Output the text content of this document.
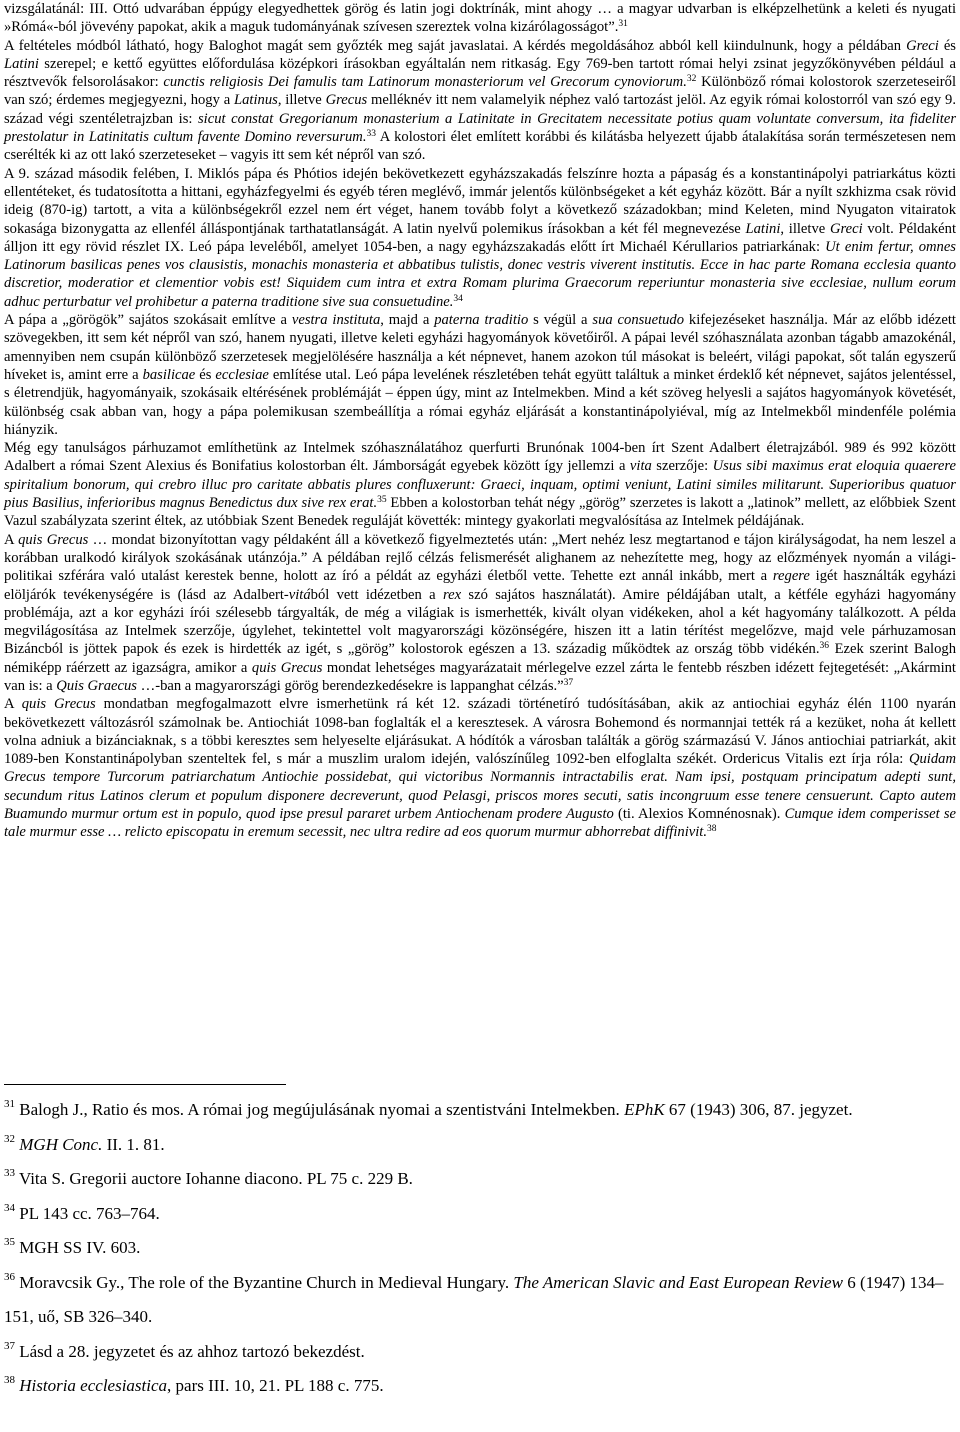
vizsgálatánál: III. Ottó udvarában éppúgy elegyedhettek görög és latin jogi doktrínák, mint ahogy … a magyar udvarban is elképzelhetünk a keleti és nyugati »Rómá«-ból jövevény papokat, akik a maguk tudományának szívesen szereztek volna kizárólagosságot”.$^{31}$

A feltételes módból látható, hogy Baloghot magát sem győzték meg saját javaslatai. A kérdés megoldásához abból kell kiindulnunk, hogy a példában Greci és Latini szerepel; e kettő együttes előfordulása középkori írásokban egyáltalán nem ritkaság. Egy 769-ben tartott római helyi zsinat jegyzőkönyvében például a résztvevők felsorolásakor: cunctis religiosis Dei famulis tam Latinorum monasteriorum vel Grecorum cynoviorum.$^{32}$ Különböző római kolostorok szerzeteseiről van szó; érdemes megjegyezni, hogy a Latinus, illetve Grecus melléknév itt nem valamelyik néphez való tartozást jelöl. Az egyik római kolostorról van szó egy 9. század végi szentéletrajzban is: sicut constat Gregorianum monasterium a Latinitate in Grecitatem necessitate potius quam voluntate conversum, ita fideliter prestolatur in Latinitatis cultum favente Domino reversurum.$^{33}$ A kolostori élet említett korábbi és kilátásba helyezett újabb átalakítása során természetesen nem cserélték ki az ott lakó szerzeteseket – vagyis itt sem két népről van szó.

A 9. század második felében, I. Miklós pápa és Phótios idején bekövetkezett egyházszakadás felszínre hozta a pápaság és a konstantinápolyi patriarkátus közti ellentéteket, és tudatosította a hittani, egyházfegyelmi és egyéb téren meglévő, immár jelentős különbségeket a két egyház között. Bár a nyílt szkhizma csak rövid ideig (870-ig) tartott, a vita a különbségekről ezzel nem ért véget, hanem tovább folyt a következő századokban; mind Keleten, mind Nyugaton vitairatok sokasága bizonygatta az ellenfél álláspontjának tarthatatlanságát. A latin nyelvű polemikus írásokban a két fél megnevezése Latini, illetve Greci volt. Példaként álljon itt egy rövid részlet IX. Leó pápa leveléből, amelyet 1054-ben, a nagy egyházszakadás előtt írt Michaél Kérullarios patriarkának: Ut enim fertur, omnes Latinorum basilicas penes vos clausistis, monachis monasteria et abbatibus tulistis, donec vestris viverent institutis. Ecce in hac parte Romana ecclesia quanto discretior, moderatior et clementior vobis est! Siquidem cum intra et extra Romam plurima Graecorum reperiuntur monasteria sive ecclesiae, nullum eorum adhuc perturbatur vel prohibetur a paterna traditione sive sua consuetudine.$^{34}$

A pápa a „görögök” sajátos szokásait említve a vestra instituta, majd a paterna traditio s végül a sua consuetudo kifejezéseket használja. Már az előbb idézett szövegekben, itt sem két népről van szó, hanem nyugati, illetve keleti egyházi hagyományok követőiről. A pápai levél szóhasználata azonban tágabb amazokénál, amennyiben nem csupán különböző szerzetesek megjelölésére használja a két népnevet, hanem azokon túl másokat is beleért, világi papokat, sőt talán egyszerű híveket is, amint erre a basilicae és ecclesiae említése utal. Leó pápa levelének részletében tehát együtt találtuk a minket érdeklő két népnevet, sajátos jelentéssel, s életrendjük, hagyományaik, szokásaik eltérésének problémáját – éppen úgy, mint az Intelmekben. Mind a két szöveg helyesli a sajátos hagyományok követését, különbség csak abban van, hogy a pápa polemikusan szembeállítja a római egyház eljárását a konstantinápolyiéval, míg az Intelmekből mindenféle polémia hiányzik.

Még egy tanulságos párhuzamot említhetünk az Intelmek szóhasználatához querfurti Brunónak 1004-ben írt Szent Adalbert életrajzából. 989 és 992 között Adalbert a római Szent Alexius és Bonifatius kolostorban élt. Jámborságát egyebek között így jellemzi a vita szerzője: Usus sibi maximus erat eloquia quaerere spiritalium bonorum, qui crebro illuc pro caritate abbatis plures confluxerunt: Graeci, inquam, optimi veniunt, Latini similes militarunt. Superioribus quatuor pius Basilius, inferioribus magnus Benedictus dux sive rex erat.$^{35}$ Ebben a kolostorban tehát négy „görög” szerzetes is lakott a „latinok” mellett, az előbbiek Szent Vazul szabályzata szerint éltek, az utóbbiak Szent Benedek reguláját követték: mintegy gyakorlati megvalósítása az Intelmek példájának.

A quis Grecus … mondat bizonyítottan vagy példaként áll a következő figyelmeztetés után: „Mert nehéz lesz megtartanod e tájon királyságodat, ha nem leszel a korábban uralkodó királyok szokásának utánzója.” A példában rejlő célzás felismerését alighanem az nehezítette meg, hogy az előzmények nyomán a világi-politikai szférára való utalást kerestek benne, holott az író a példát az egyházi életből vette. Tehette ezt annál inkább, mert a regere igét használták egyházi elöljárók tevékenységére is (lásd az Adalbert-vitából vett idézetben a rex szó sajátos használatát). Amire példájában utalt, a kétféle egyházi hagyomány problémája, azt a kor egyházi írói szélesebb tárgyalták, de még a világiak is ismerhették, kivált olyan vidékeken, ahol a két hagyomány találkozott. A példa megvilágosítása az Intelmek szerzője, úgylehet, tekintettel volt magyarországi közönségére, hiszen itt a latin térítést megelőzve, majd vele párhuzamosan Bizáncból is jöttek papok és ezek is hirdették az igét, s „görög” kolostorok egészen a 13. századig működtek az ország több vidékén.$^{36}$ Ezek szerint Balogh némiképp ráérzett az igazságra, amikor a quis Grecus mondat lehetséges magyarázatait mérlegelve ezzel zárta le fentebb részben idézett fejtegetését: „Akármint van is: a Quis Graecus …-ban a magyarországi görög berendezkedésekre is lappanghat célzás.”$^{37}$

A quis Grecus mondatban megfogalmazott elvre ismerhetünk rá két 12. századi történetíró tudósításában, akik az antiochiai egyház élén 1100 nyarán bekövetkezett változásról számolnak be. Antiochiát 1098-ban foglalták el a keresztesek. A városra Bohemond és normannjai tették rá a kezüket, noha át kellett volna adniuk a bizánciaknak, s a többi keresztes sem helyeselte eljárásukat. A hódítók a városban találták a görög származású V. János antiochiai patriarkát, akit 1089-ben Konstantinápolyban szenteltek fel, s már a muszlim uralom idején, valószínűleg 1092-ben elfoglalta székét. Ordericus Vitalis ezt írja róla: Quidam Grecus tempore Turcorum patriarchatum Antiochie possidebat, qui victoribus Normannis intractabilis erat. Nam ipsi, postquam principatum adepti sunt, secundum ritus Latinos clerum et populum disponere decreverunt, quod Pelasgi, priscos mores secuti, satis incongruum esse tenere censuerunt. Capto autem Buamundo murmur ortum est in populo, quod ipse presul pararet urbem Antiochenam prodere Augusto (ti. Alexios Komnénosnak). Cumque idem comperisset se tale murmur esse … relicto episcopatu in eremum secessit, nec ultra redire ad eos quorum murmur abhorrebat diffinivit.$^{38}$

$^{31}$ Balogh J., Ratio és mos. A római jog megújulásának nyomai a szentistváni Intelmekben. EPhK 67 (1943) 306, 87. jegyzet.

$^{32}$ MGH Conc. II. 1. 81.

$^{33}$ Vita S. Gregorii auctore Iohanne diacono. PL 75 c. 229 B.

$^{34}$ PL 143 cc. 763–764.

$^{35}$ MGH SS IV. 603.

$^{36}$ Moravcsik Gy., The role of the Byzantine Church in Medieval Hungary. The American Slavic and East European Review 6 (1947) 134–151, uő, SB 326–340.

$^{37}$ Lásd a 28. jegyzetet és az ahhoz tartozó bekezdést.

$^{38}$ Historia ecclesiastica, pars III. 10, 21. PL 188 c. 775.
